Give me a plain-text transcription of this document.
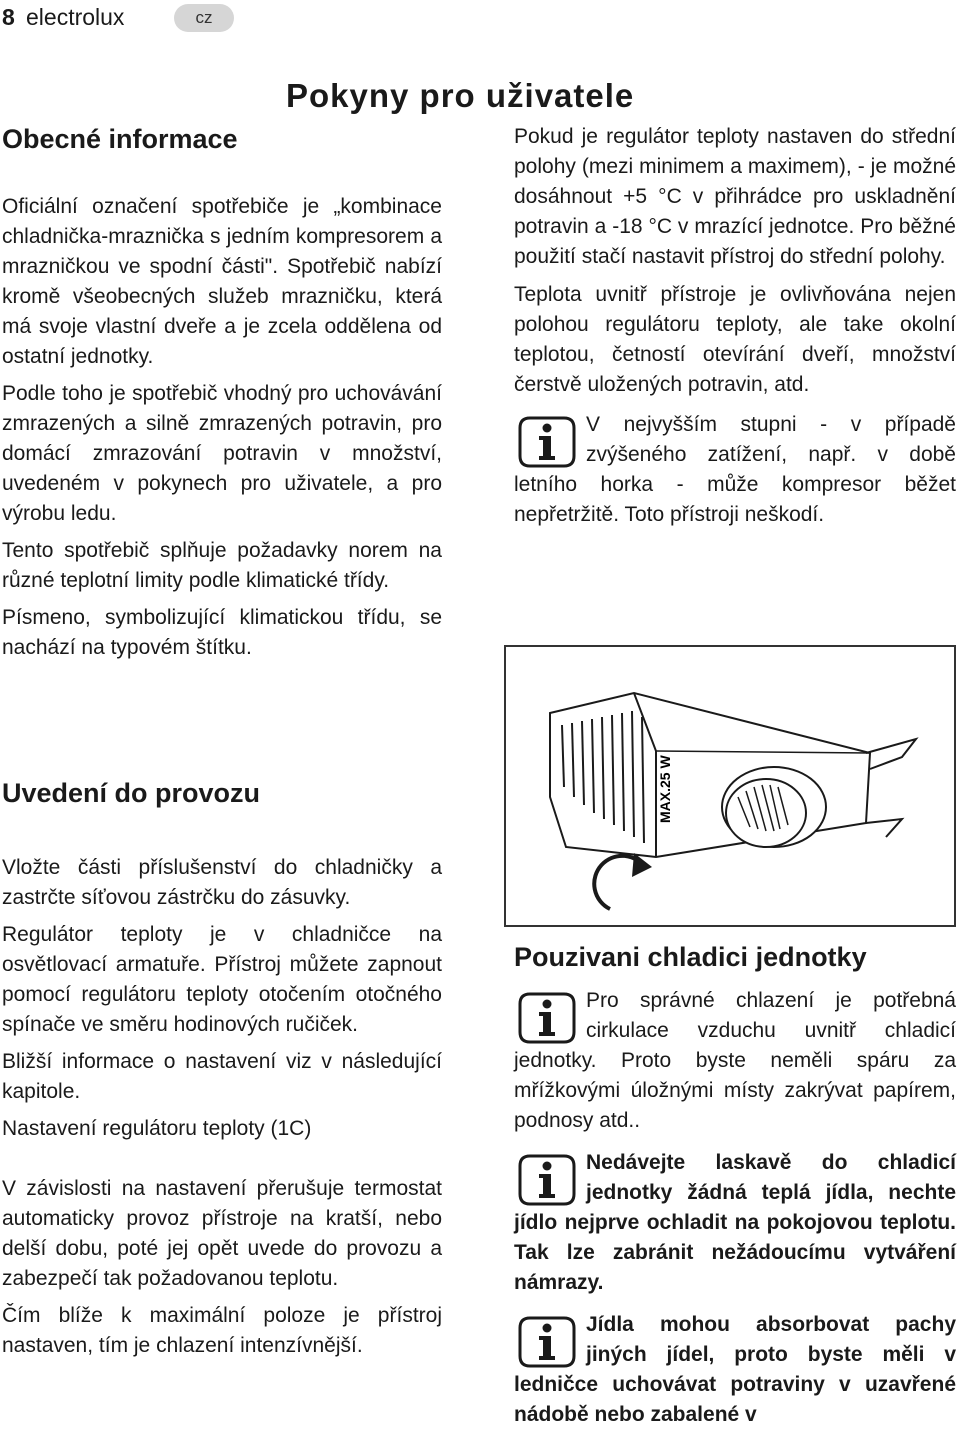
8 electrolux	cz
Pokyny pro uživatele
Obecné informace

Oficiální označení spotřebiče je „kombinace chladnička-mraznička s jedním kompresorem a mrazničkou ve spodní části". Spotřebič nabízí kromě všeobecných služeb mrazničku, která má svoje vlastní dveře a je zcela oddělena od ostatní jednotky.

Podle toho je spotřebič vhodný pro uchovávání zmrazených a silně zmrazených potravin, pro domácí zmrazování potravin v množství, uvedeném v pokynech pro uživatele, a pro výrobu ledu.

Tento spotřebič splňuje požadavky norem na různé teplotní limity podle klimatické třídy.

Písmeno, symbolizující klimatickou třídu, se nachází na typovém štítku.

Uvedení do provozu

Vložte části příslušenství do chladničky a zastrčte síťovou zástrčku do zásuvky.

Regulátor teploty je v chladničce na osvětlovací armatuře. Přístroj můžete zapnout pomocí regulátoru teploty otočením otočného spínače ve směru hodinových ručiček.

Bližší informace o nastavení viz v následující kapitole.

Nastavení regulátoru teploty (1C)

V závislosti na nastavení přerušuje termostat automaticky provoz přístroje na kratší, nebo delší dobu, poté jej opět uvede do provozu a zabezpečí tak požadovanou teplotu.

Čím blíže k maximální poloze je přístroj nastaven, tím je chlazení intenzívnější.

Pokud je regulátor teploty nastaven do střední polohy (mezi minimem a maximem), - je možné dosáhnout +5 °C v přihrádce pro uskladnění potravin a -18 °C v mrazící jednotce. Pro běžné použití stačí nastavit přístroj do střední polohy.

Teplota uvnitř přístroje je ovlivňována nejen polohou regulátoru teploty, ale take okolní teplotou, četností otevírání dveří, množství čerstvě uložených potravin, atd.

V nejvyšším stupni - v případě zvýšeného zatížení, např. v době letního horka - může kompresor běžet nepřetržitě. Toto přístroji neškodí.

MAX.25 W
Pouzivani chladici jednotky

Pro správné chlazení je potřebná cirkulace vzduchu uvnitř chladicí jednotky. Proto byste neměli spáru za mřížkovými úložnými místy zakrývat papírem, podnosy atd..

Nedávejte laskavě do chladicí jednotky žádná teplá jídla, nechte jídlo nejprve ochladit na pokojovou teplotu. Tak lze zabránit nežádoucímu vytváření námrazy.

Jídla mohou absorbovat pachy jiných jídel, proto byste měli v ledničce uchovávat potraviny v uzavřené nádobě nebo zabalené v
